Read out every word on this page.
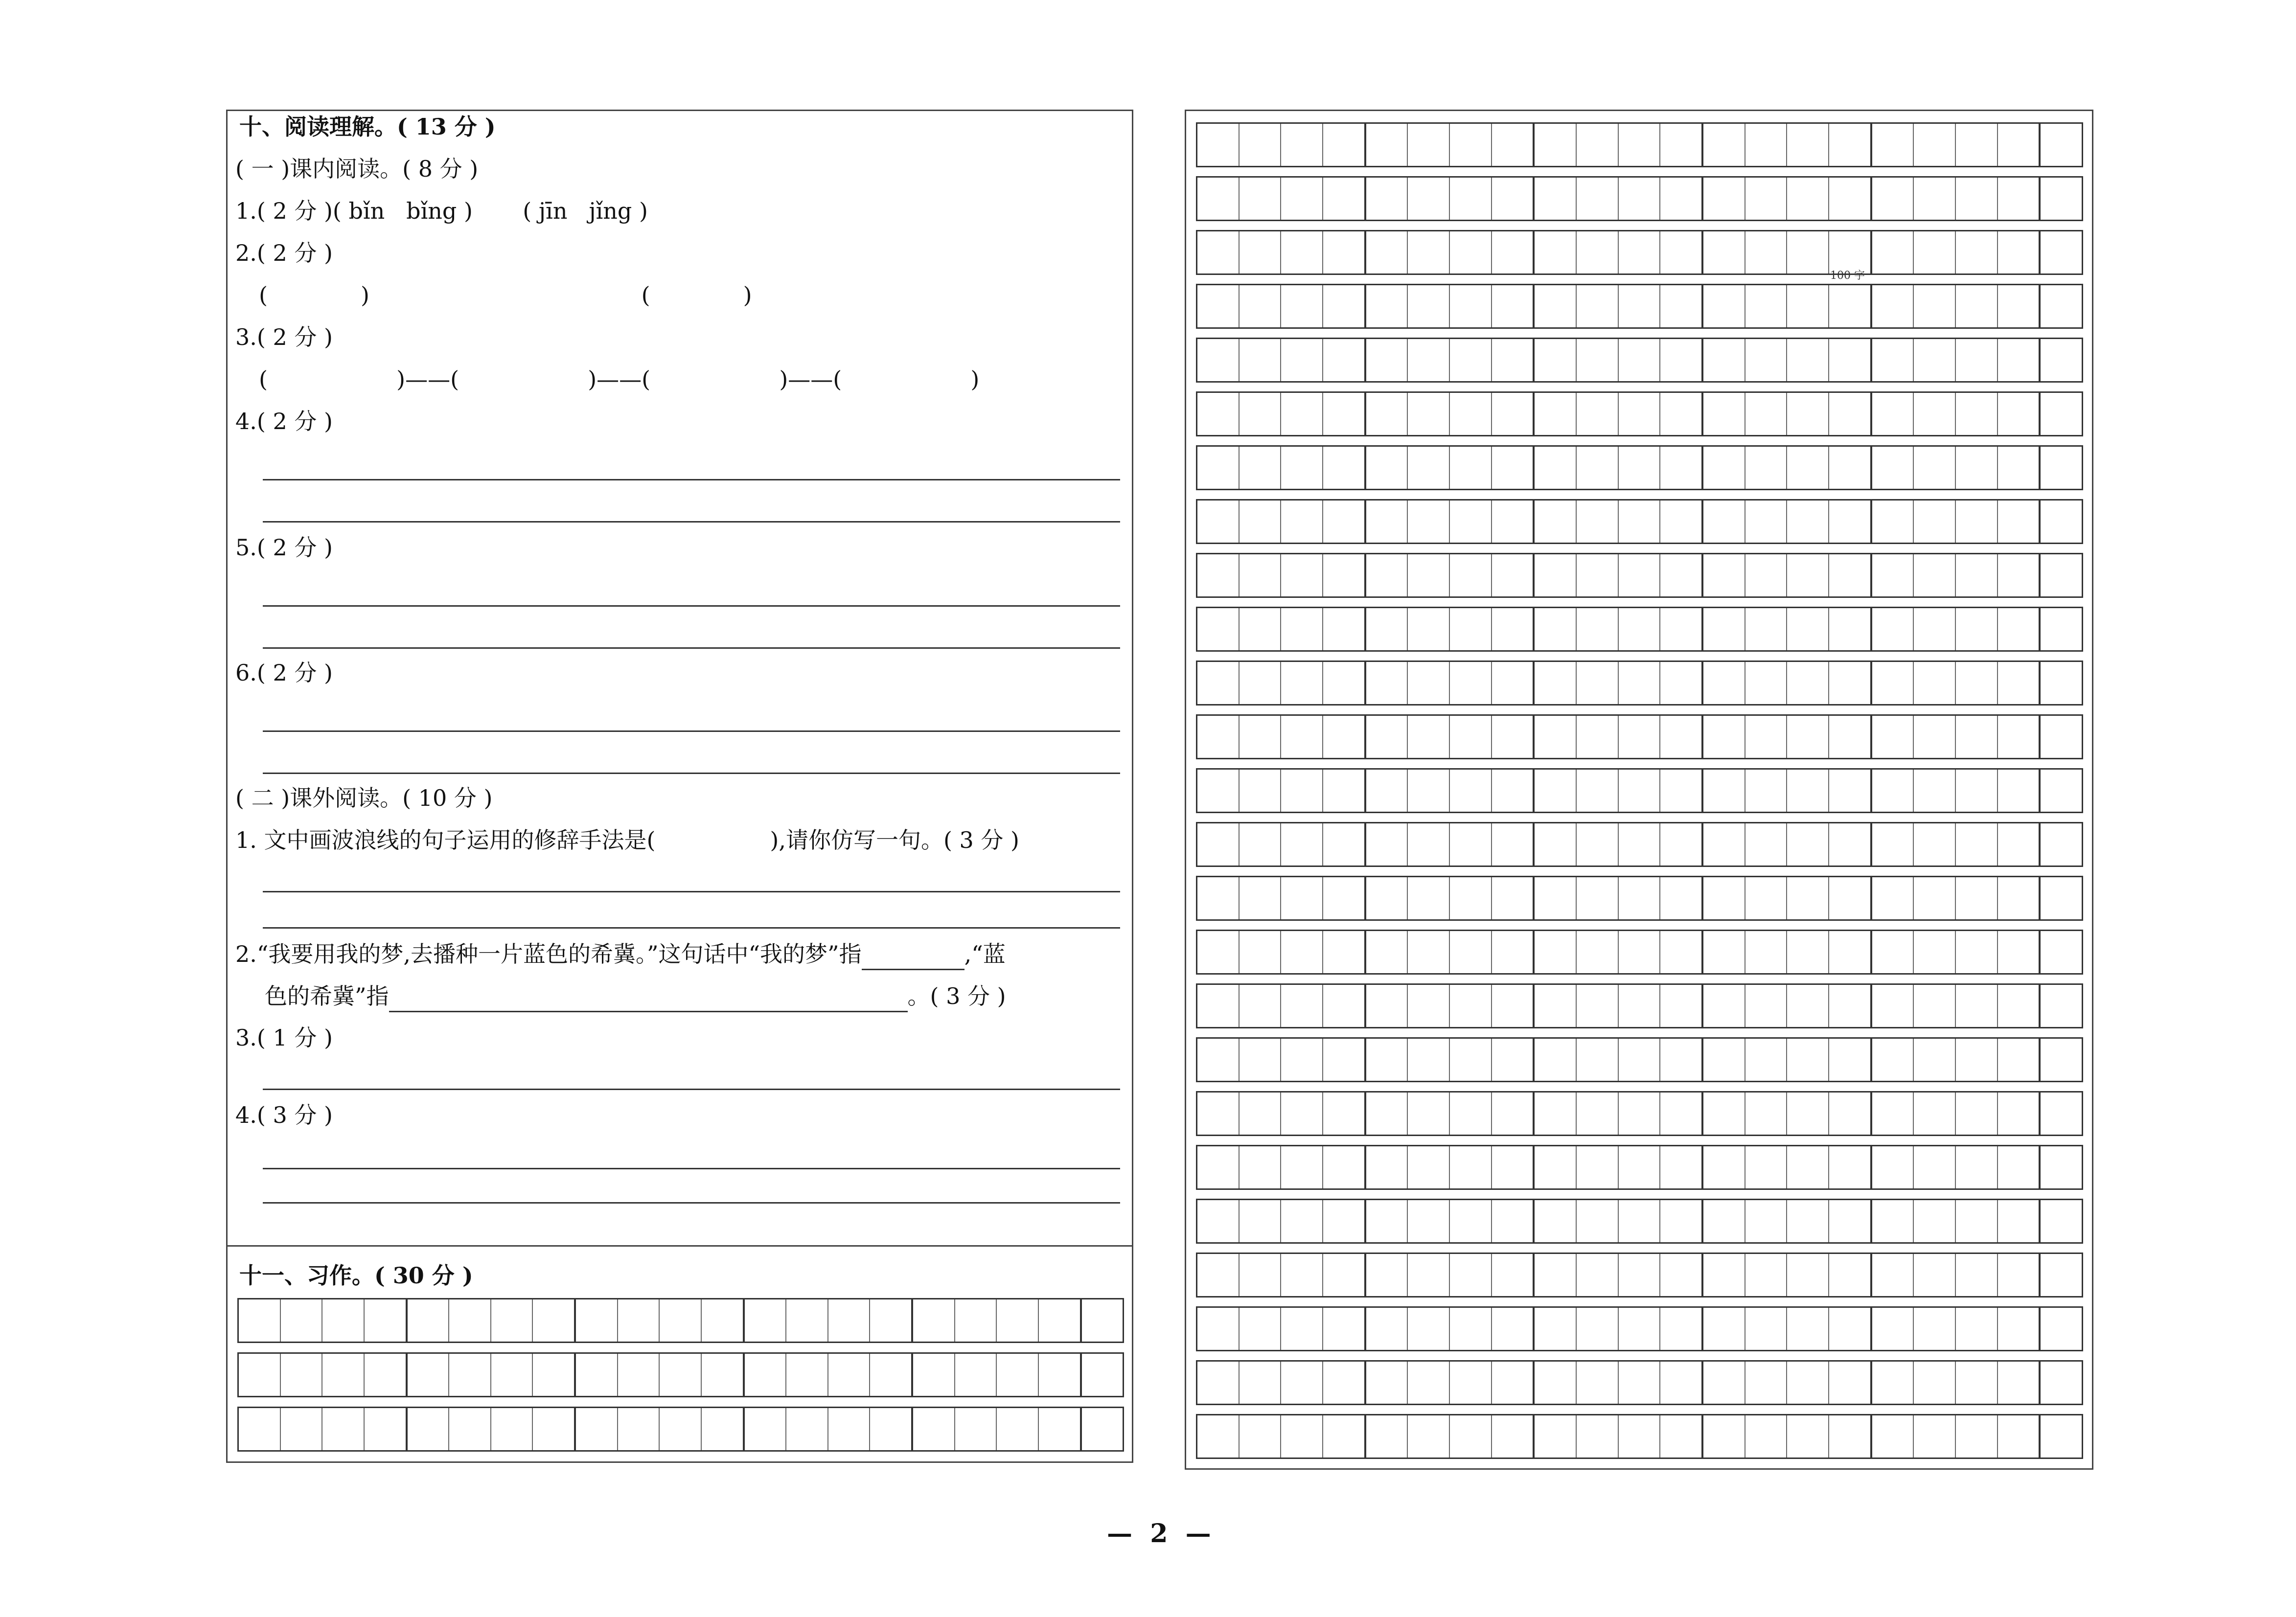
十、阅读理解。( 13 分 )
( 一 )课内阅读。( 8 分 )
1.( 2 分 )( bǐn   bǐng )       ( jīn   jǐng )
2.( 2 分 )
(             )                                      (             )
3.( 2 分 )
(                  )——(                  )——(                  )——(                  )
4.( 2 分 )
5.( 2 分 )
6.( 2 分 )
( 二 )课外阅读。( 10 分 )
1. 文中画波浪线的句子运用的修辞手法是(                ),请你仿写一句。( 3 分 )
2.“我要用我的梦,去播种一片蓝色的希冀。”这句话中“我的梦”指	,“蓝
色的希冀”指	。( 3 分 )
3.( 1 分 )
4.( 3 分 )
十一、习作。( 30 分 )
100 字
—  2  —
